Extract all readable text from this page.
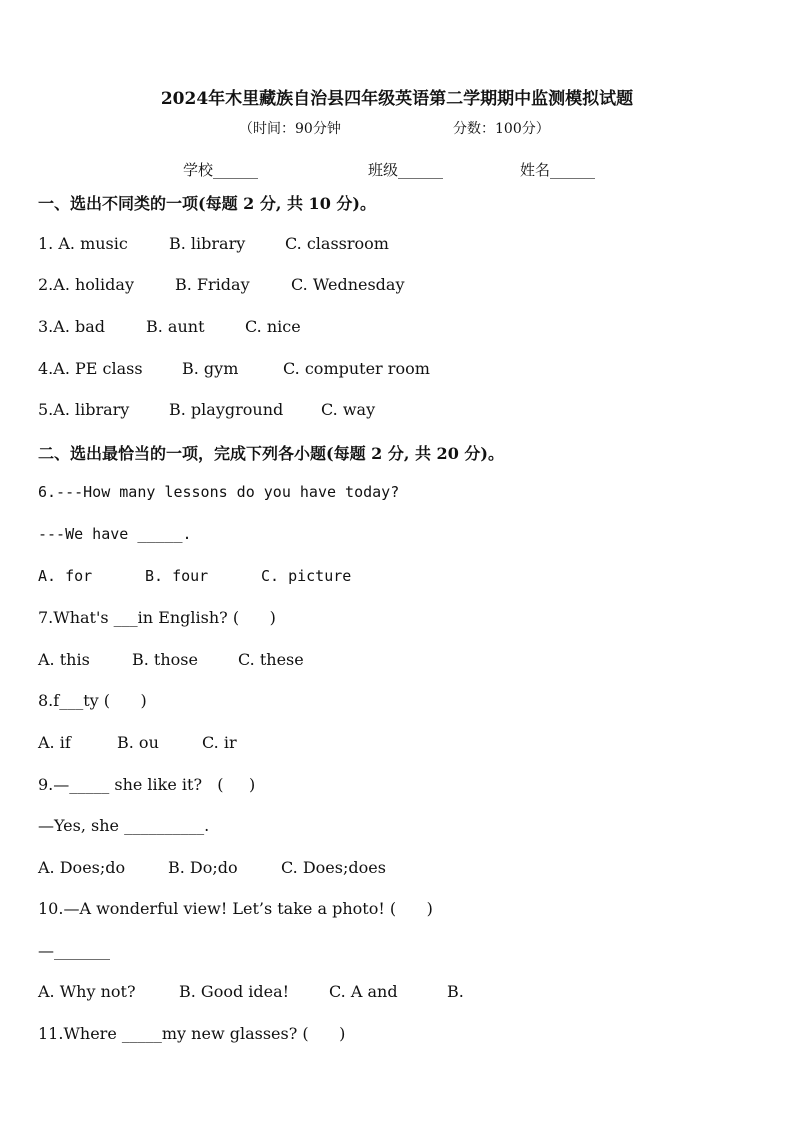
2024年木里藏族自治县四年级英语第二学期期中监测模拟试题
（时间：90分钟	分数：100分）
学校______	班级______	姓名______
一、选出不同类的一项(每题 2 分, 共 10 分)。
1. A. music	B. library C. classroom
2.A. holiday	B. Friday	C. Wednesday
3.A. bad	B. aunt	C. nice
4.A. PE class B. gym	C. computer room
5.A. library B. playground C. way
二、选出最恰当的一项，完成下列各小题(每题 2 分, 共 20 分)。
6.---How many lessons do you have today?
---We have _____.
A. for	B. four	C. picture
7.What's ___in English? (      )
A. this	B. those	C. these
8.f___ty (      )
A. if	B. ou	C. ir
9.—_____ she like it?   (     )
—Yes, she __________.
A. Does;do	B. Do;do	C. Does;does
10.—A wonderful view! Let’s take a photo! (      )
—_______
A. Why not?	B. Good idea! C. A and	B.
11.Where _____my new glasses? (      )
